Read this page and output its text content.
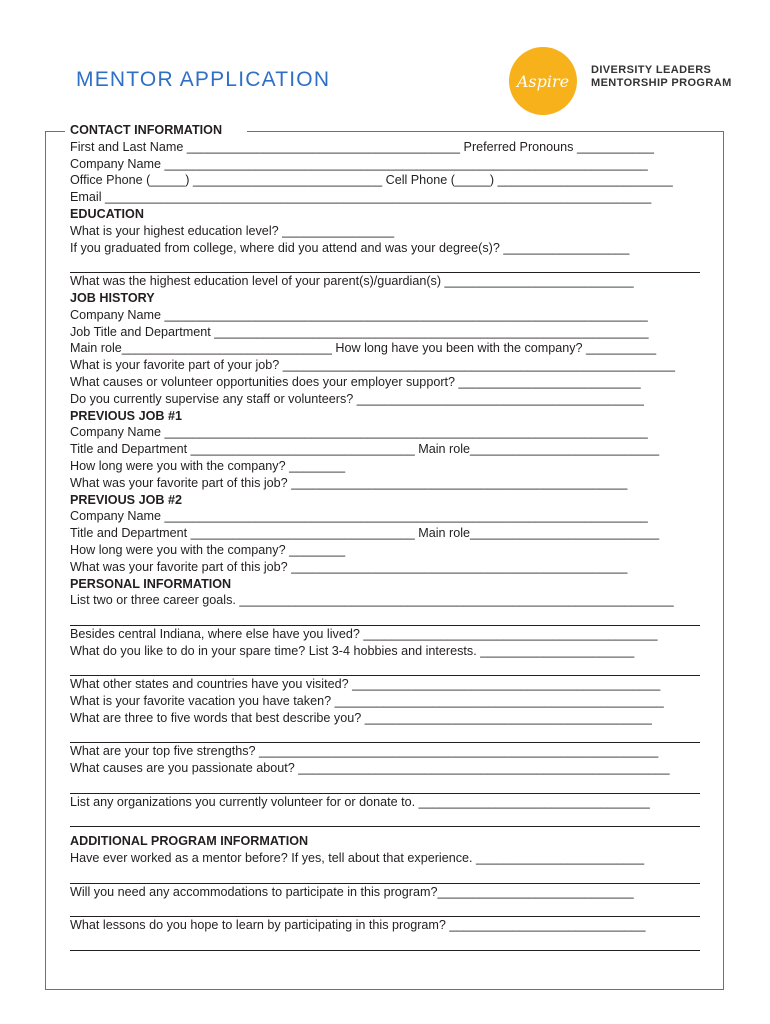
MENTOR APPLICATION	Aspire
DIVERSITY LEADERS
MENTORSHIP PROGRAM
CONTACT INFORMATION
First and Last Name _______________________________________ Preferred Pronouns ___________
Company Name _____________________________________________________________________
Office Phone (_____) ___________________________ Cell Phone (_____) _________________________
Email ______________________________________________________________________________
EDUCATION
What is your highest education level? ________________
If you graduated from college, where did you attend and was your degree(s)? __________________
What was the highest education level of your parent(s)/guardian(s) ___________________________
JOB HISTORY
Company Name _____________________________________________________________________
Job Title and Department ______________________________________________________________
Main role______________________________ How long have you been with the company? __________
What is your favorite part of your job? ________________________________________________________
What causes or volunteer opportunities does your employer support? __________________________
Do you currently supervise any staff or volunteers? _________________________________________
PREVIOUS JOB #1
Company Name _____________________________________________________________________
Title and Department ________________________________ Main role___________________________
How long were you with the company? ________
What was your favorite part of this job? ________________________________________________
PREVIOUS JOB #2
Company Name _____________________________________________________________________
Title and Department ________________________________ Main role___________________________
How long were you with the company? ________
What was your favorite part of this job? ________________________________________________
PERSONAL INFORMATION
List two or three career goals. ______________________________________________________________
Besides central Indiana, where else have you lived? __________________________________________
What do you like to do in your spare time? List 3-4 hobbies and interests. ______________________
What other states and countries have you visited? ____________________________________________
What is your favorite vacation you have taken? _______________________________________________
What are three to five words that best describe you? _________________________________________
What are your top five strengths? _________________________________________________________
What causes are you passionate about? _____________________________________________________
List any organizations you currently volunteer for or donate to. _________________________________
ADDITIONAL PROGRAM INFORMATION
Have ever worked as a mentor before? If yes, tell about that experience. ________________________
Will you need any accommodations to participate in this program?____________________________
What lessons do you hope to learn by participating in this program? ____________________________
